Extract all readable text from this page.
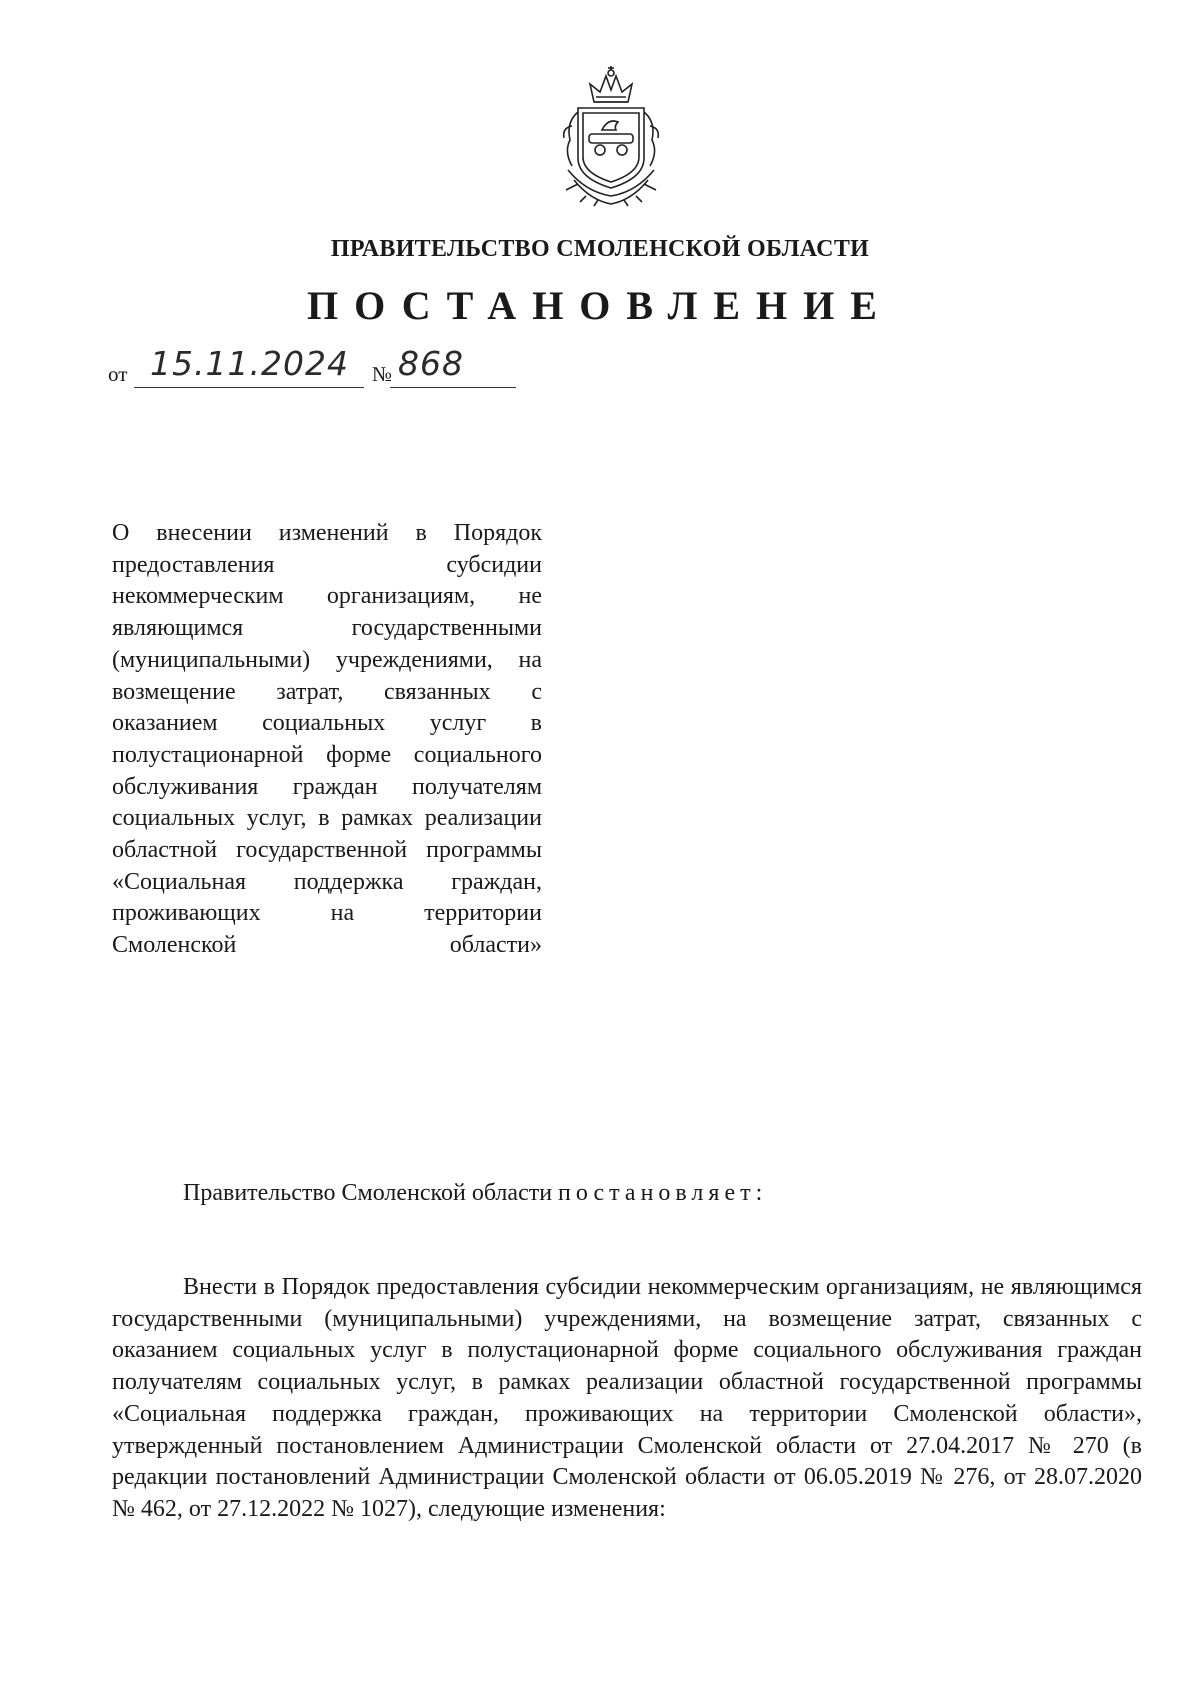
ПРАВИТЕЛЬСТВО СМОЛЕНСКОЙ ОБЛАСТИ
ПОСТАНОВЛЕНИЕ
от 15.11.2024 № 868
О внесении изменений в Порядок предоставления субсидии некоммерческим организациям, не являющимся государственными (муниципальными) учреждениями, на возмещение затрат, связанных с оказанием социальных услуг в полустационарной форме социального обслуживания граждан получателям социальных услуг, в рамках реализации областной государственной программы «Социальная поддержка граждан, проживающих на территории Смоленской области»
Правительство Смоленской области постановляет:
Внести в Порядок предоставления субсидии некоммерческим организациям, не являющимся государственными (муниципальными) учреждениями, на возмещение затрат, связанных с оказанием социальных услуг в полустационарной форме социального обслуживания граждан получателям социальных услуг, в рамках реализации областной государственной программы «Социальная поддержка граждан, проживающих на территории Смоленской области», утвержденный постановлением Администрации Смоленской области от 27.04.2017 № 270 (в редакции постановлений Администрации Смоленской области от 06.05.2019 № 276, от 28.07.2020 № 462, от 27.12.2022 № 1027), следующие изменения:
